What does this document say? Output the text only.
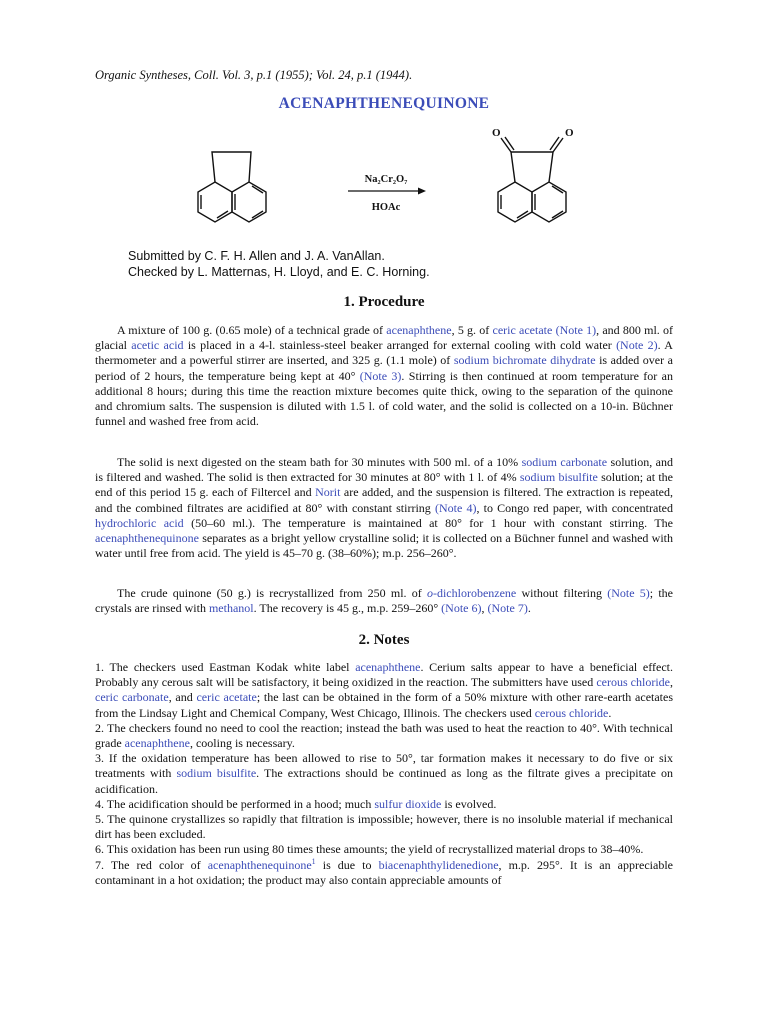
Organic Syntheses, Coll. Vol. 3, p.1 (1955); Vol. 24, p.1 (1944).
ACENAPHTHENEQUINONE
Na₂Cr₂O₇
HOAc
O	O
Submitted by C. F. H. Allen and J. A. VanAllan.
Checked by L. Matternas, H. Lloyd, and E. C. Horning.
1. Procedure

A mixture of 100 g. (0.65 mole) of a technical grade of acenaphthene, 5 g. of ceric acetate (Note 1), and 800 ml. of glacial acetic acid is placed in a 4-l. stainless-steel beaker arranged for external cooling with cold water (Note 2). A thermometer and a powerful stirrer are inserted, and 325 g. (1.1 mole) of sodium bichromate dihydrate is added over a period of 2 hours, the temperature being kept at 40° (Note 3). Stirring is then continued at room temperature for an additional 8 hours; during this time the reaction mixture becomes quite thick, owing to the separation of the quinone and chromium salts. The suspension is diluted with 1.5 l. of cold water, and the solid is collected on a 10-in. Büchner funnel and washed free from acid.

The solid is next digested on the steam bath for 30 minutes with 500 ml. of a 10% sodium carbonate solution, and is filtered and washed. The solid is then extracted for 30 minutes at 80° with 1 l. of 4% sodium bisulfite solution; at the end of this period 15 g. each of Filtercel and Norit are added, and the suspension is filtered. The extraction is repeated, and the combined filtrates are acidified at 80° with constant stirring (Note 4), to Congo red paper, with concentrated hydrochloric acid (50–60 ml.). The temperature is maintained at 80° for 1 hour with constant stirring. The acenaphthenequinone separates as a bright yellow crystalline solid; it is collected on a Büchner funnel and washed with water until free from acid. The yield is 45–70 g. (38–60%); m.p. 256–260°.

The crude quinone (50 g.) is recrystallized from 250 ml. of o-dichlorobenzene without filtering (Note 5); the crystals are rinsed with methanol. The recovery is 45 g., m.p. 259–260° (Note 6), (Note 7).

2. Notes

1. The checkers used Eastman Kodak white label acenaphthene. Cerium salts appear to have a beneficial effect. Probably any cerous salt will be satisfactory, it being oxidized in the reaction. The submitters have used cerous chloride, ceric carbonate, and ceric acetate; the last can be obtained in the form of a 50% mixture with other rare-earth acetates from the Lindsay Light and Chemical Company, West Chicago, Illinois. The checkers used cerous chloride.

2. The checkers found no need to cool the reaction; instead the bath was used to heat the reaction to 40°. With technical grade acenaphthene, cooling is necessary.

3. If the oxidation temperature has been allowed to rise to 50°, tar formation makes it necessary to do five or six treatments with sodium bisulfite. The extractions should be continued as long as the filtrate gives a precipitate on acidification.

4. The acidification should be performed in a hood; much sulfur dioxide is evolved.

5. The quinone crystallizes so rapidly that filtration is impossible; however, there is no insoluble material if mechanical dirt has been excluded.

6. This oxidation has been run using 80 times these amounts; the yield of recrystallized material drops to 38–40%.

7. The red color of acenaphthenequinone$^1$ is due to biacenaphthylidenedione, m.p. 295°. It is an appreciable contaminant in a hot oxidation; the product may also contain appreciable amounts of
